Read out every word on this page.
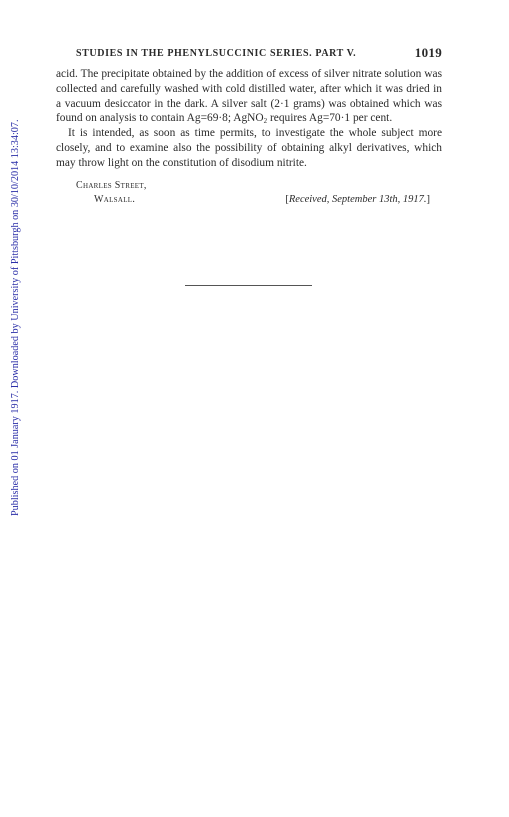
Published on 01 January 1917. Downloaded by University of Pittsburgh on 30/10/2014 13:34:07.
STUDIES IN THE PHENYLSUCCINIC SERIES. PART V.	1019

acid. The precipitate obtained by the addition of excess of silver nitrate solution was collected and carefully washed with cold distilled water, after which it was dried in a vacuum desiccator in the dark. A silver salt (2·1 grams) was obtained which was found on analysis to contain Ag=69·8; AgNO$_2$ requires Ag=70·1 per cent.

It is intended, as soon as time permits, to investigate the whole subject more closely, and to examine also the possibility of obtaining alkyl derivatives, which may throw light on the constitution of disodium nitrite.

Charles Street,
Walsall.	[Received, September 13th, 1917.]
